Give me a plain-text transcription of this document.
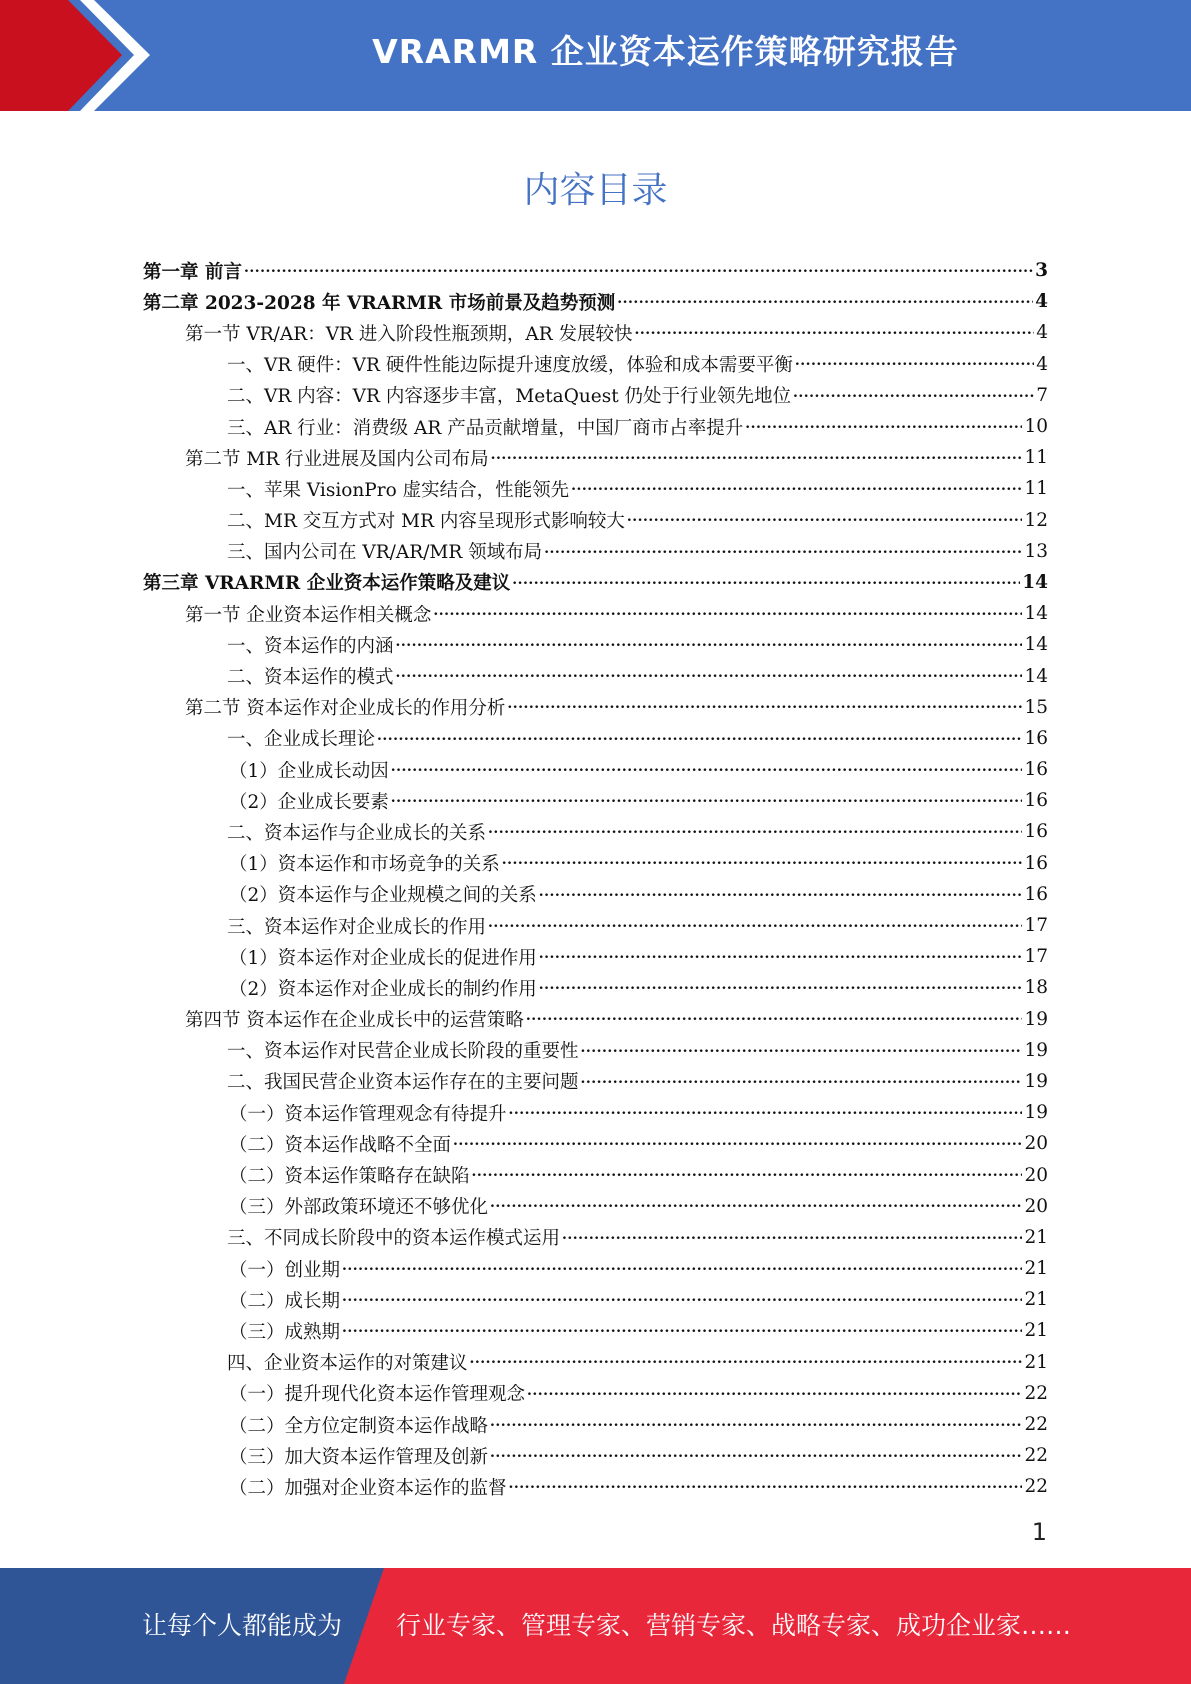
VRARMR 企业资本运作策略研究报告
内容目录
第一章 前言 .....	3
第二章 2023-2028 年 VRARMR 市场前景及趋势预测 .....	4
第一节 VR/AR：VR 进入阶段性瓶颈期，AR 发展较快 .....	4
一、VR 硬件：VR 硬件性能边际提升速度放缓，体验和成本需要平衡 .....	4
二、VR 内容：VR 内容逐步丰富，MetaQuest 仍处于行业领先地位 .....	7
三、AR 行业：消费级 AR 产品贡献增量，中国厂商市占率提升 .....	10
第二节 MR 行业进展及国内公司布局 .....	11
一、苹果 VisionPro 虚实结合，性能领先 .....	11
二、MR 交互方式对 MR 内容呈现形式影响较大 .....	12
三、国内公司在 VR/AR/MR 领域布局 .....	13
第三章 VRARMR 企业资本运作策略及建议 .....	14
第一节 企业资本运作相关概念 .....	14
一、资本运作的内涵 .....	14
二、资本运作的模式 .....	14
第二节 资本运作对企业成长的作用分析 .....	15
一、企业成长理论 .....	16
（1）企业成长动因 .....	16
（2）企业成长要素 .....	16
二、资本运作与企业成长的关系 .....	16
（1）资本运作和市场竞争的关系 .....	16
（2）资本运作与企业规模之间的关系 .....	16
三、资本运作对企业成长的作用 .....	17
（1）资本运作对企业成长的促进作用 .....	17
（2）资本运作对企业成长的制约作用 .....	18
第四节 资本运作在企业成长中的运营策略 .....	19
一、资本运作对民营企业成长阶段的重要性 .....	19
二、我国民营企业资本运作存在的主要问题 .....	19
（一）资本运作管理观念有待提升 .....	19
（二）资本运作战略不全面 .....	20
（二）资本运作策略存在缺陷 .....	20
（三）外部政策环境还不够优化 .....	20
三、不同成长阶段中的资本运作模式运用 .....	21
（一）创业期 .....	21
（二）成长期 .....	21
（三）成熟期 .....	21
四、企业资本运作的对策建议 .....	21
（一）提升现代化资本运作管理观念 .....	22
（二）全方位定制资本运作战略 .....	22
（三）加大资本运作管理及创新 .....	22
（二）加强对企业资本运作的监督 .....	22
1
让每个人都能成为 行业专家、管理专家、营销专家、战略专家、成功企业家……
